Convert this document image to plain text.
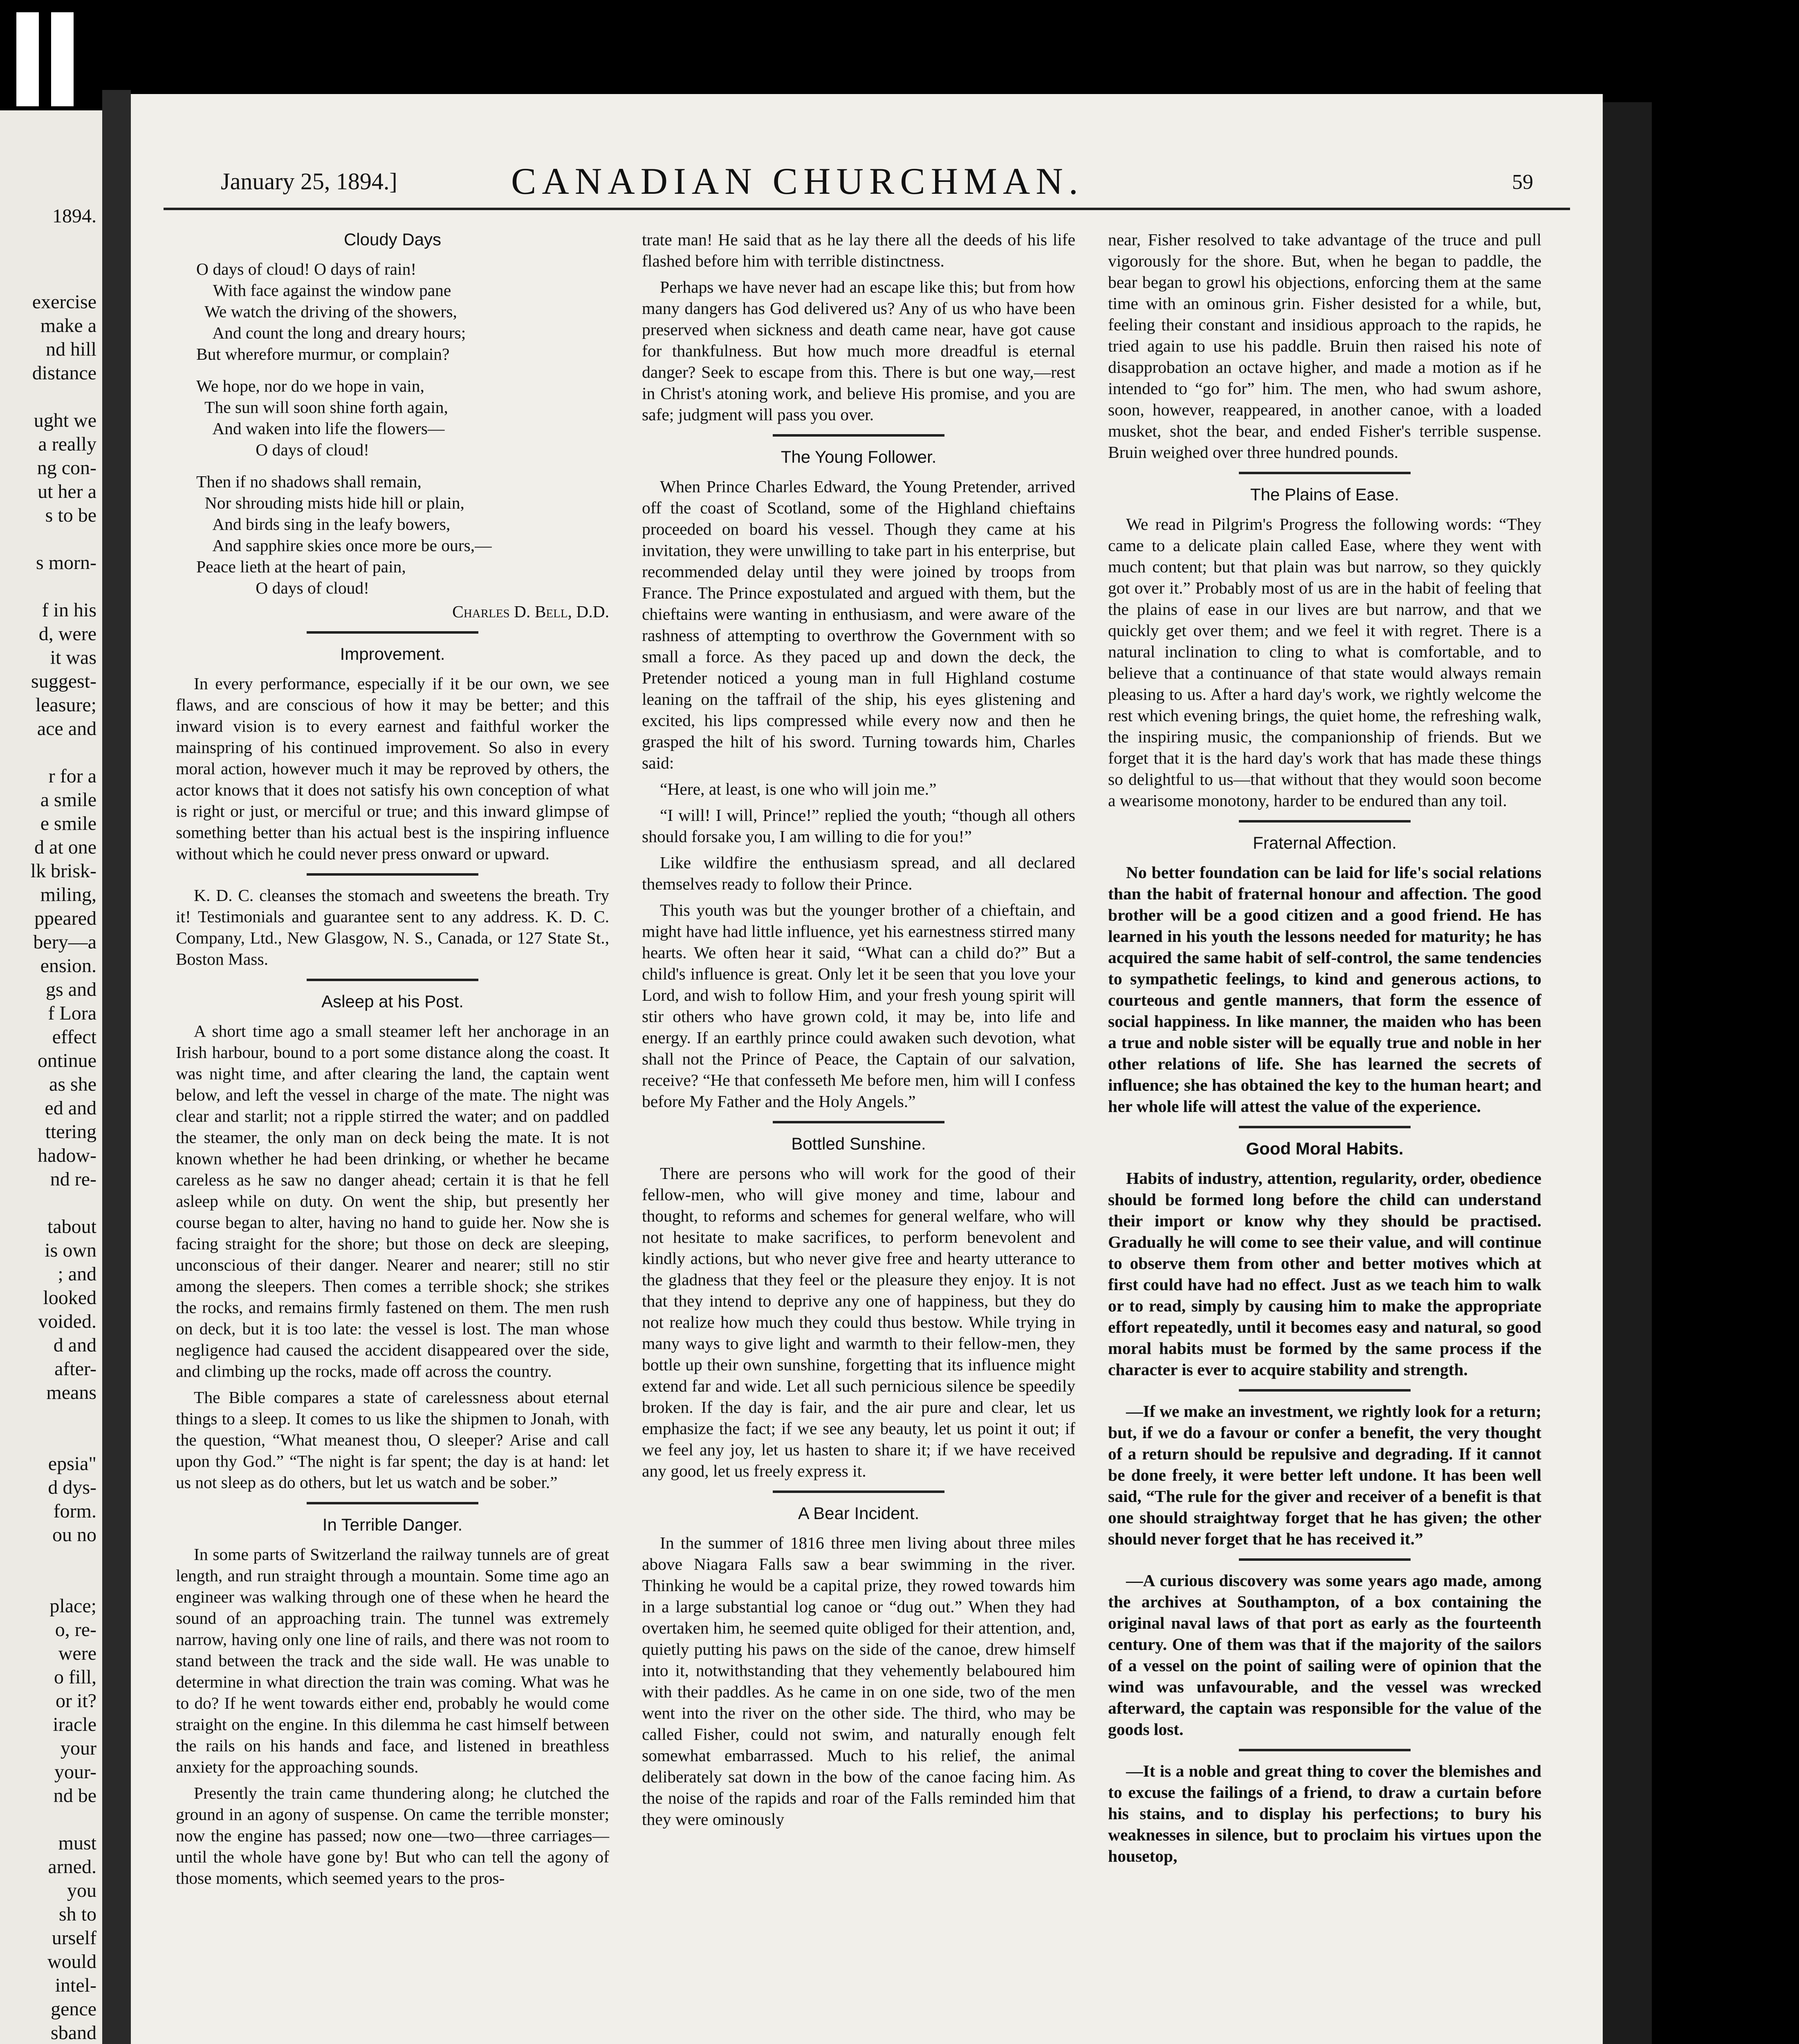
1894.
exercise
make a
nd hill
distance
ught we
a really
ng con-
ut her a
s to be
s morn-
f in his
d, were
it was
suggest-
leasure;
ace and
r for a
a smile
e smile
d at one
lk brisk-
miling,
ppeared
bery—a
ension.
gs and
f Lora
effect
ontinue
as she
ed and
ttering
hadow-
nd re-
tabout
is own
; and
looked
voided.
d and
after-
means
epsia"
d dys-
form.
ou no
place;
o, re-
were
o fill,
or it?
iracle
your
your-
nd be
must
arned.
you
sh to
urself
would
intel-
gence
sband
January 25, 1894.]	CANADIAN CHURCHMAN.	59
Cloudy Days
O days of cloud! O days of rain!
With face against the window pane
We watch the driving of the showers,
And count the long and dreary hours;
But wherefore murmur, or complain?
We hope, nor do we hope in vain,
The sun will soon shine forth again,
And waken into life the flowers—
O days of cloud!
Then if no shadows shall remain,
Nor shrouding mists hide hill or plain,
And birds sing in the leafy bowers,
And sapphire skies once more be ours,—
Peace lieth at the heart of pain,
O days of cloud!
Charles D. Bell, D.D.
Improvement.

In every performance, especially if it be our own, we see flaws, and are conscious of how it may be better; and this inward vision is to every earnest and faithful worker the mainspring of his continued improvement. So also in every moral action, however much it may be reproved by others, the actor knows that it does not satisfy his own conception of what is right or just, or merciful or true; and this inward glimpse of something better than his actual best is the inspiring influence without which he could never press onward or upward.

K. D. C. cleanses the stomach and sweetens the breath. Try it! Testimonials and guarantee sent to any address. K. D. C. Company, Ltd., New Glasgow, N. S., Canada, or 127 State St., Boston Mass.

Asleep at his Post.

A short time ago a small steamer left her anchorage in an Irish harbour, bound to a port some distance along the coast. It was night time, and after clearing the land, the captain went below, and left the vessel in charge of the mate. The night was clear and starlit; not a ripple stirred the water; and on paddled the steamer, the only man on deck being the mate. It is not known whether he had been drinking, or whether he became careless as he saw no danger ahead; certain it is that he fell asleep while on duty. On went the ship, but presently her course began to alter, having no hand to guide her. Now she is facing straight for the shore; but those on deck are sleeping, unconscious of their danger. Nearer and nearer; still no stir among the sleepers. Then comes a terrible shock; she strikes the rocks, and remains firmly fastened on them. The men rush on deck, but it is too late: the vessel is lost. The man whose negligence had caused the accident disappeared over the side, and climbing up the rocks, made off across the country.

The Bible compares a state of carelessness about eternal things to a sleep. It comes to us like the shipmen to Jonah, with the question, “What meanest thou, O sleeper? Arise and call upon thy God.” “The night is far spent; the day is at hand: let us not sleep as do others, but let us watch and be sober.”

In Terrible Danger.

In some parts of Switzerland the railway tunnels are of great length, and run straight through a mountain. Some time ago an engineer was walking through one of these when he heard the sound of an approaching train. The tunnel was extremely narrow, having only one line of rails, and there was not room to stand between the track and the side wall. He was unable to determine in what direction the train was coming. What was he to do? If he went towards either end, probably he would come straight on the engine. In this dilemma he cast himself between the rails on his hands and face, and listened in breathless anxiety for the approaching sounds.

Presently the train came thundering along; he clutched the ground in an agony of suspense. On came the terrible monster; now the engine has passed; now one—two—three carriages—until the whole have gone by! But who can tell the agony of those moments, which seemed years to the pros-

trate man! He said that as he lay there all the deeds of his life flashed before him with terrible distinctness.

Perhaps we have never had an escape like this; but from how many dangers has God delivered us? Any of us who have been preserved when sickness and death came near, have got cause for thankfulness. But how much more dreadful is eternal danger? Seek to escape from this. There is but one way,—rest in Christ's atoning work, and believe His promise, and you are safe; judgment will pass you over.

The Young Follower.

When Prince Charles Edward, the Young Pretender, arrived off the coast of Scotland, some of the Highland chieftains proceeded on board his vessel. Though they came at his invitation, they were unwilling to take part in his enterprise, but recommended delay until they were joined by troops from France. The Prince expostulated and argued with them, but the chieftains were wanting in enthusiasm, and were aware of the rashness of attempting to overthrow the Government with so small a force. As they paced up and down the deck, the Pretender noticed a young man in full Highland costume leaning on the taffrail of the ship, his eyes glistening and excited, his lips compressed while every now and then he grasped the hilt of his sword. Turning towards him, Charles said:

“Here, at least, is one who will join me.”

“I will! I will, Prince!” replied the youth; “though all others should forsake you, I am willing to die for you!”

Like wildfire the enthusiasm spread, and all declared themselves ready to follow their Prince.

This youth was but the younger brother of a chieftain, and might have had little influence, yet his earnestness stirred many hearts. We often hear it said, “What can a child do?” But a child's influence is great. Only let it be seen that you love your Lord, and wish to follow Him, and your fresh young spirit will stir others who have grown cold, it may be, into life and energy. If an earthly prince could awaken such devotion, what shall not the Prince of Peace, the Captain of our salvation, receive? “He that confesseth Me before men, him will I confess before My Father and the Holy Angels.”

Bottled Sunshine.

There are persons who will work for the good of their fellow-men, who will give money and time, labour and thought, to reforms and schemes for general welfare, who will not hesitate to make sacrifices, to perform benevolent and kindly actions, but who never give free and hearty utterance to the gladness that they feel or the pleasure they enjoy. It is not that they intend to deprive any one of happiness, but they do not realize how much they could thus bestow. While trying in many ways to give light and warmth to their fellow-men, they bottle up their own sunshine, forgetting that its influence might extend far and wide. Let all such pernicious silence be speedily broken. If the day is fair, and the air pure and clear, let us emphasize the fact; if we see any beauty, let us point it out; if we feel any joy, let us hasten to share it; if we have received any good, let us freely express it.

A Bear Incident.

In the summer of 1816 three men living about three miles above Niagara Falls saw a bear swimming in the river. Thinking he would be a capital prize, they rowed towards him in a large substantial log canoe or “dug out.” When they had overtaken him, he seemed quite obliged for their attention, and, quietly putting his paws on the side of the canoe, drew himself into it, notwithstanding that they vehemently belaboured him with their paddles. As he came in on one side, two of the men went into the river on the other side. The third, who may be called Fisher, could not swim, and naturally enough felt somewhat embarrassed. Much to his relief, the animal deliberately sat down in the bow of the canoe facing him. As the noise of the rapids and roar of the Falls reminded him that they were ominously

near, Fisher resolved to take advantage of the truce and pull vigorously for the shore. But, when he began to paddle, the bear began to growl his objections, enforcing them at the same time with an ominous grin. Fisher desisted for a while, but, feeling their constant and insidious approach to the rapids, he tried again to use his paddle. Bruin then raised his note of disapprobation an octave higher, and made a motion as if he intended to “go for” him. The men, who had swum ashore, soon, however, reappeared, in another canoe, with a loaded musket, shot the bear, and ended Fisher's terrible suspense. Bruin weighed over three hundred pounds.

The Plains of Ease.

We read in Pilgrim's Progress the following words: “They came to a delicate plain called Ease, where they went with much content; but that plain was but narrow, so they quickly got over it.” Probably most of us are in the habit of feeling that the plains of ease in our lives are but narrow, and that we quickly get over them; and we feel it with regret. There is a natural inclination to cling to what is comfortable, and to believe that a continuance of that state would always remain pleasing to us. After a hard day's work, we rightly welcome the rest which evening brings, the quiet home, the refreshing walk, the inspiring music, the companionship of friends. But we forget that it is the hard day's work that has made these things so delightful to us—that without that they would soon become a wearisome monotony, harder to be endured than any toil.

Fraternal Affection.

No better foundation can be laid for life's social relations than the habit of fraternal honour and affection. The good brother will be a good citizen and a good friend. He has learned in his youth the lessons needed for maturity; he has acquired the same habit of self-control, the same tendencies to sympathetic feelings, to kind and generous actions, to courteous and gentle manners, that form the essence of social happiness. In like manner, the maiden who has been a true and noble sister will be equally true and noble in her other relations of life. She has learned the secrets of influence; she has obtained the key to the human heart; and her whole life will attest the value of the experience.

Good Moral Habits.

Habits of industry, attention, regularity, order, obedience should be formed long before the child can understand their import or know why they should be practised. Gradually he will come to see their value, and will continue to observe them from other and better motives which at first could have had no effect. Just as we teach him to walk or to read, simply by causing him to make the appropriate effort repeatedly, until it becomes easy and natural, so good moral habits must be formed by the same process if the character is ever to acquire stability and strength.

—If we make an investment, we rightly look for a return; but, if we do a favour or confer a benefit, the very thought of a return should be repulsive and degrading. If it cannot be done freely, it were better left undone. It has been well said, “The rule for the giver and receiver of a benefit is that one should straightway forget that he has given; the other should never forget that he has received it.”

—A curious discovery was some years ago made, among the archives at Southampton, of a box containing the original naval laws of that port as early as the fourteenth century. One of them was that if the majority of the sailors of a vessel on the point of sailing were of opinion that the wind was unfavourable, and the vessel was wrecked afterward, the captain was responsible for the value of the goods lost.

—It is a noble and great thing to cover the blemishes and to excuse the failings of a friend, to draw a curtain before his stains, and to display his perfections; to bury his weaknesses in silence, but to proclaim his virtues upon the housetop,
